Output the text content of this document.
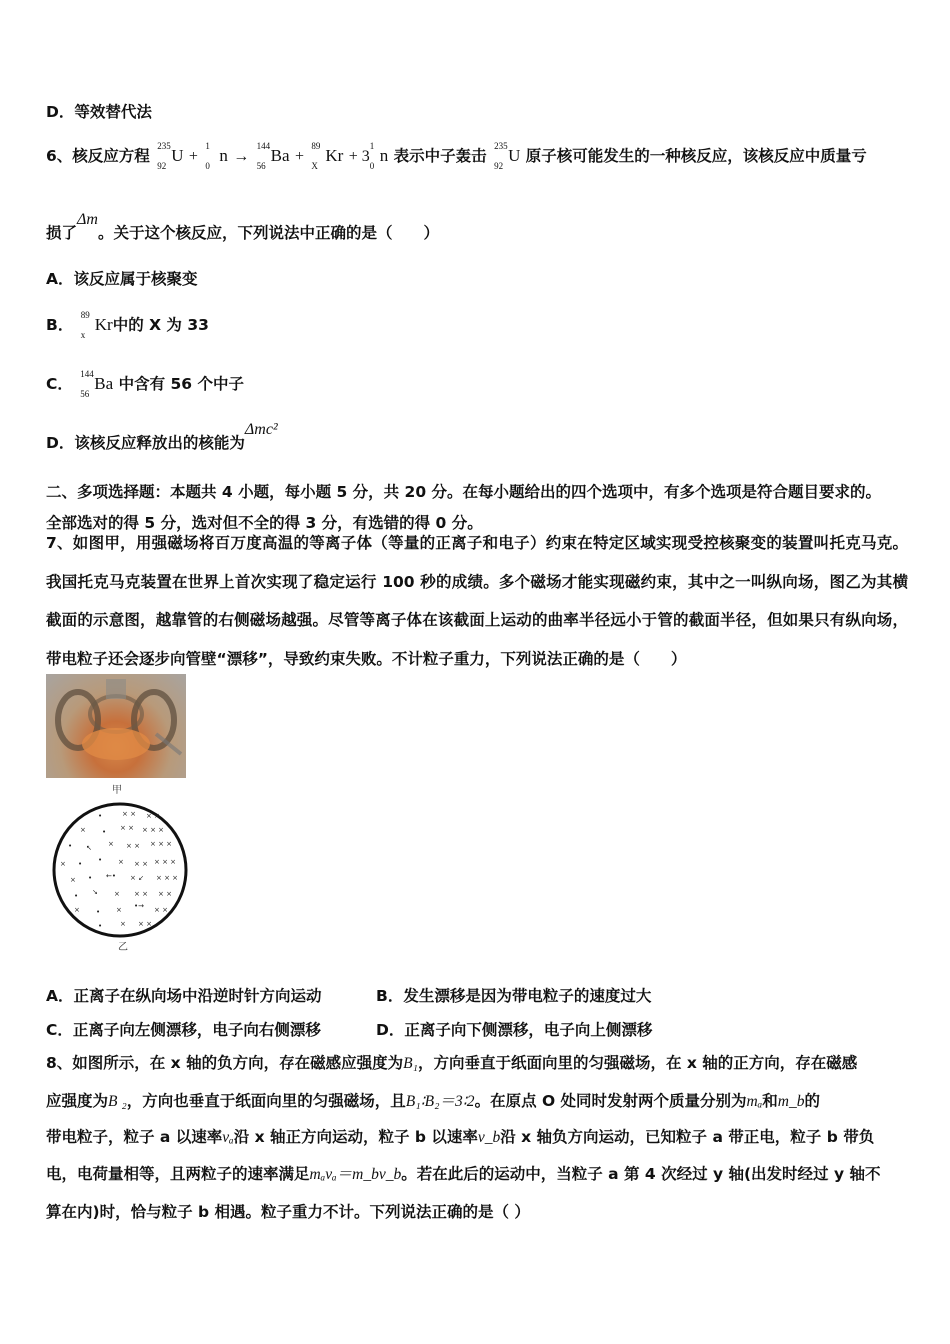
D．等效替代法
6、核反应方程
235
92
U +
1
0
n →
144
56
Ba +
89
X
Kr + 3
1
0
n 表示中子轰击
235
92
U 原子核可能发生的一种核反应，该核反应中质量亏
损了Δm。关于这个核反应，下列说法中正确的是（　　）
A．该反应属于核聚变
B．
89
x
Kr中的 X 为 33
C．
144
56
Ba 中含有 56 个中子
D．该核反应释放出的核能为Δmc²
二、多项选择题：本题共 4 小题，每小题 5 分，共 20 分。在每小题给出的四个选项中，有多个选项是符合题目要求的。
全部选对的得 5 分，选对但不全的得 3 分，有选错的得 0 分。
7、如图甲，用强磁场将百万度高温的等离子体（等量的正离子和电子）约束在特定区域实现受控核聚变的装置叫托克马克。我国托克马克装置在世界上首次实现了稳定运行 100 秒的成绩。多个磁场才能实现磁约束，其中之一叫纵向场，图乙为其横截面的示意图，越靠管的右侧磁场越强。尽管等离子体在该截面上运动的曲率半径远小于管的截面半径，但如果只有纵向场，带电粒子还会逐步向管壁“漂移”，导致约束失败。不计粒子重力，下列说法正确的是（　　）
甲
•	× × × ×
× • × × × × ×
• ↖ × × × × × ×
× • • × × × × × ×
× • ←• × ↙ × × ×
• ↘ × × × × ×
× • × •→ × ×
•	× × ×
乙
A．正离子在纵向场中沿逆时针方向运动	B．发生漂移是因为带电粒子的速度过大
C．正离子向左侧漂移，电子向右侧漂移	D．正离子向下侧漂移，电子向上侧漂移
8、如图所示，在 x 轴的负方向，存在磁感应强度为B₁，方向垂直于纸面向里的匀强磁场，在 x 轴的正方向，存在磁感
应强度为B ₂，方向也垂直于纸面向里的匀强磁场，且B₁∶B₂＝3∶2。在原点 O 处同时发射两个质量分别为mₐ和m_b的
带电粒子，粒子 a 以速率vₐ沿 x 轴正方向运动，粒子 b 以速率v_b沿 x 轴负方向运动，已知粒子 a 带正电，粒子 b 带负
电，电荷量相等，且两粒子的速率满足mₐvₐ＝m_bv_b。若在此后的运动中，当粒子 a 第 4 次经过 y 轴(出发时经过 y 轴不
算在内)时，恰与粒子 b 相遇。粒子重力不计。下列说法正确的是（ ）
